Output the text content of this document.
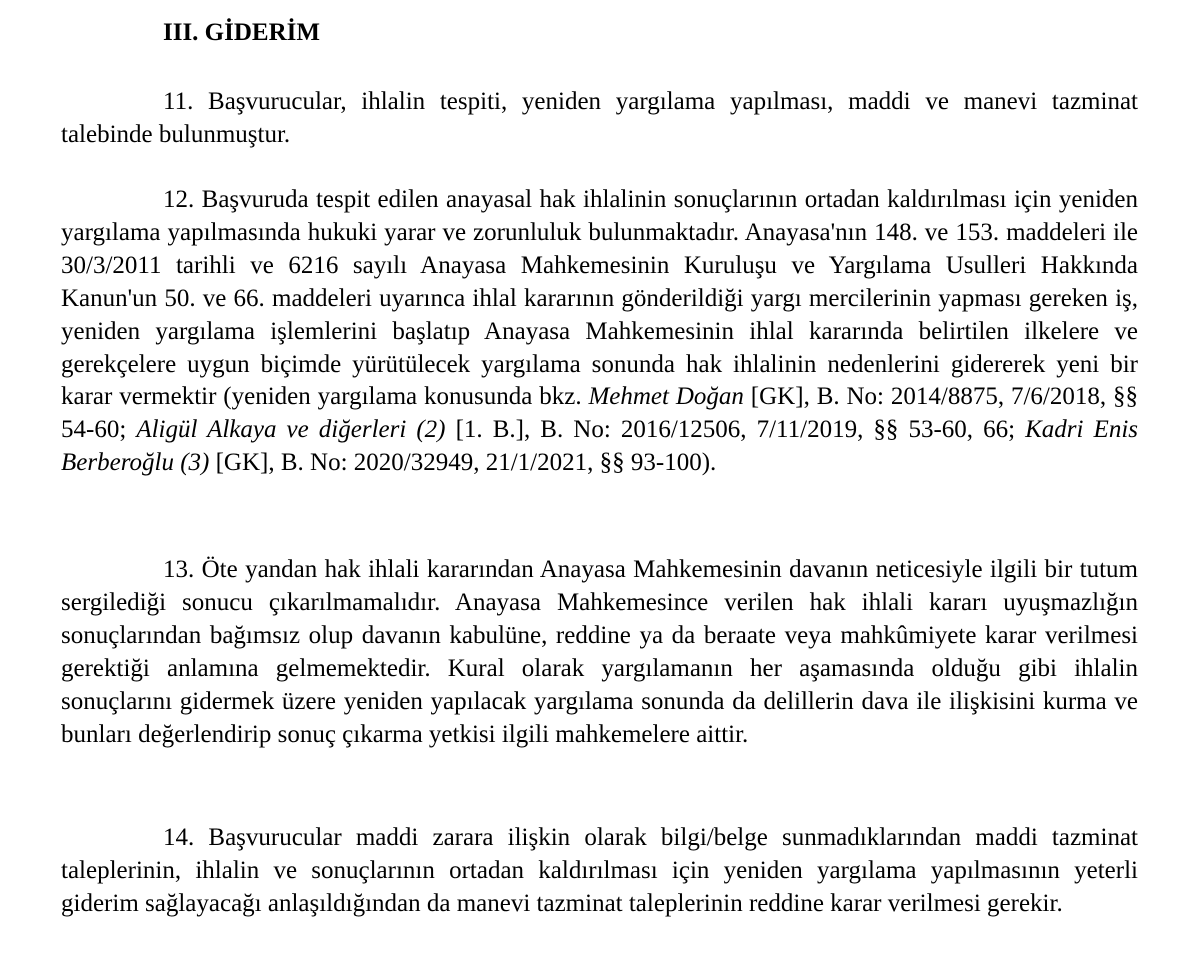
III. GİDERİM

11. Başvurucular, ihlalin tespiti, yeniden yargılama yapılması, maddi ve manevi tazminat talebinde bulunmuştur.

12. Başvuruda tespit edilen anayasal hak ihlalinin sonuçlarının ortadan kaldırılması için yeniden yargılama yapılmasında hukuki yarar ve zorunluluk bulunmaktadır. Anayasa'nın 148. ve 153. maddeleri ile 30/3/2011 tarihli ve 6216 sayılı Anayasa Mahkemesinin Kuruluşu ve Yargılama Usulleri Hakkında Kanun'un 50. ve 66. maddeleri uyarınca ihlal kararının gönderildiği yargı mercilerinin yapması gereken iş, yeniden yargılama işlemlerini başlatıp Anayasa Mahkemesinin ihlal kararında belirtilen ilkelere ve gerekçelere uygun biçimde yürütülecek yargılama sonunda hak ihlalinin nedenlerini gidererek yeni bir karar vermektir (yeniden yargılama konusunda bkz. Mehmet Doğan [GK], B. No: 2014/8875, 7/6/2018, §§ 54-60; Aligül Alkaya ve diğerleri (2) [1. B.], B. No: 2016/12506, 7/11/2019, §§ 53-60, 66; Kadri Enis Berberoğlu (3) [GK], B. No: 2020/32949, 21/1/2021, §§ 93-100).

13. Öte yandan hak ihlali kararından Anayasa Mahkemesinin davanın neticesiyle ilgili bir tutum sergilediği sonucu çıkarılmamalıdır. Anayasa Mahkemesince verilen hak ihlali kararı uyuşmazlığın sonuçlarından bağımsız olup davanın kabulüne, reddine ya da beraate veya mahkûmiyete karar verilmesi gerektiği anlamına gelmemektedir. Kural olarak yargılamanın her aşamasında olduğu gibi ihlalin sonuçlarını gidermek üzere yeniden yapılacak yargılama sonunda da delillerin dava ile ilişkisini kurma ve bunları değerlendirip sonuç çıkarma yetkisi ilgili mahkemelere aittir.

14. Başvurucular maddi zarara ilişkin olarak bilgi/belge sunmadıklarından maddi tazminat taleplerinin, ihlalin ve sonuçlarının ortadan kaldırılması için yeniden yargılama yapılmasının yeterli giderim sağlayacağı anlaşıldığından da manevi tazminat taleplerinin reddine karar verilmesi gerekir.
